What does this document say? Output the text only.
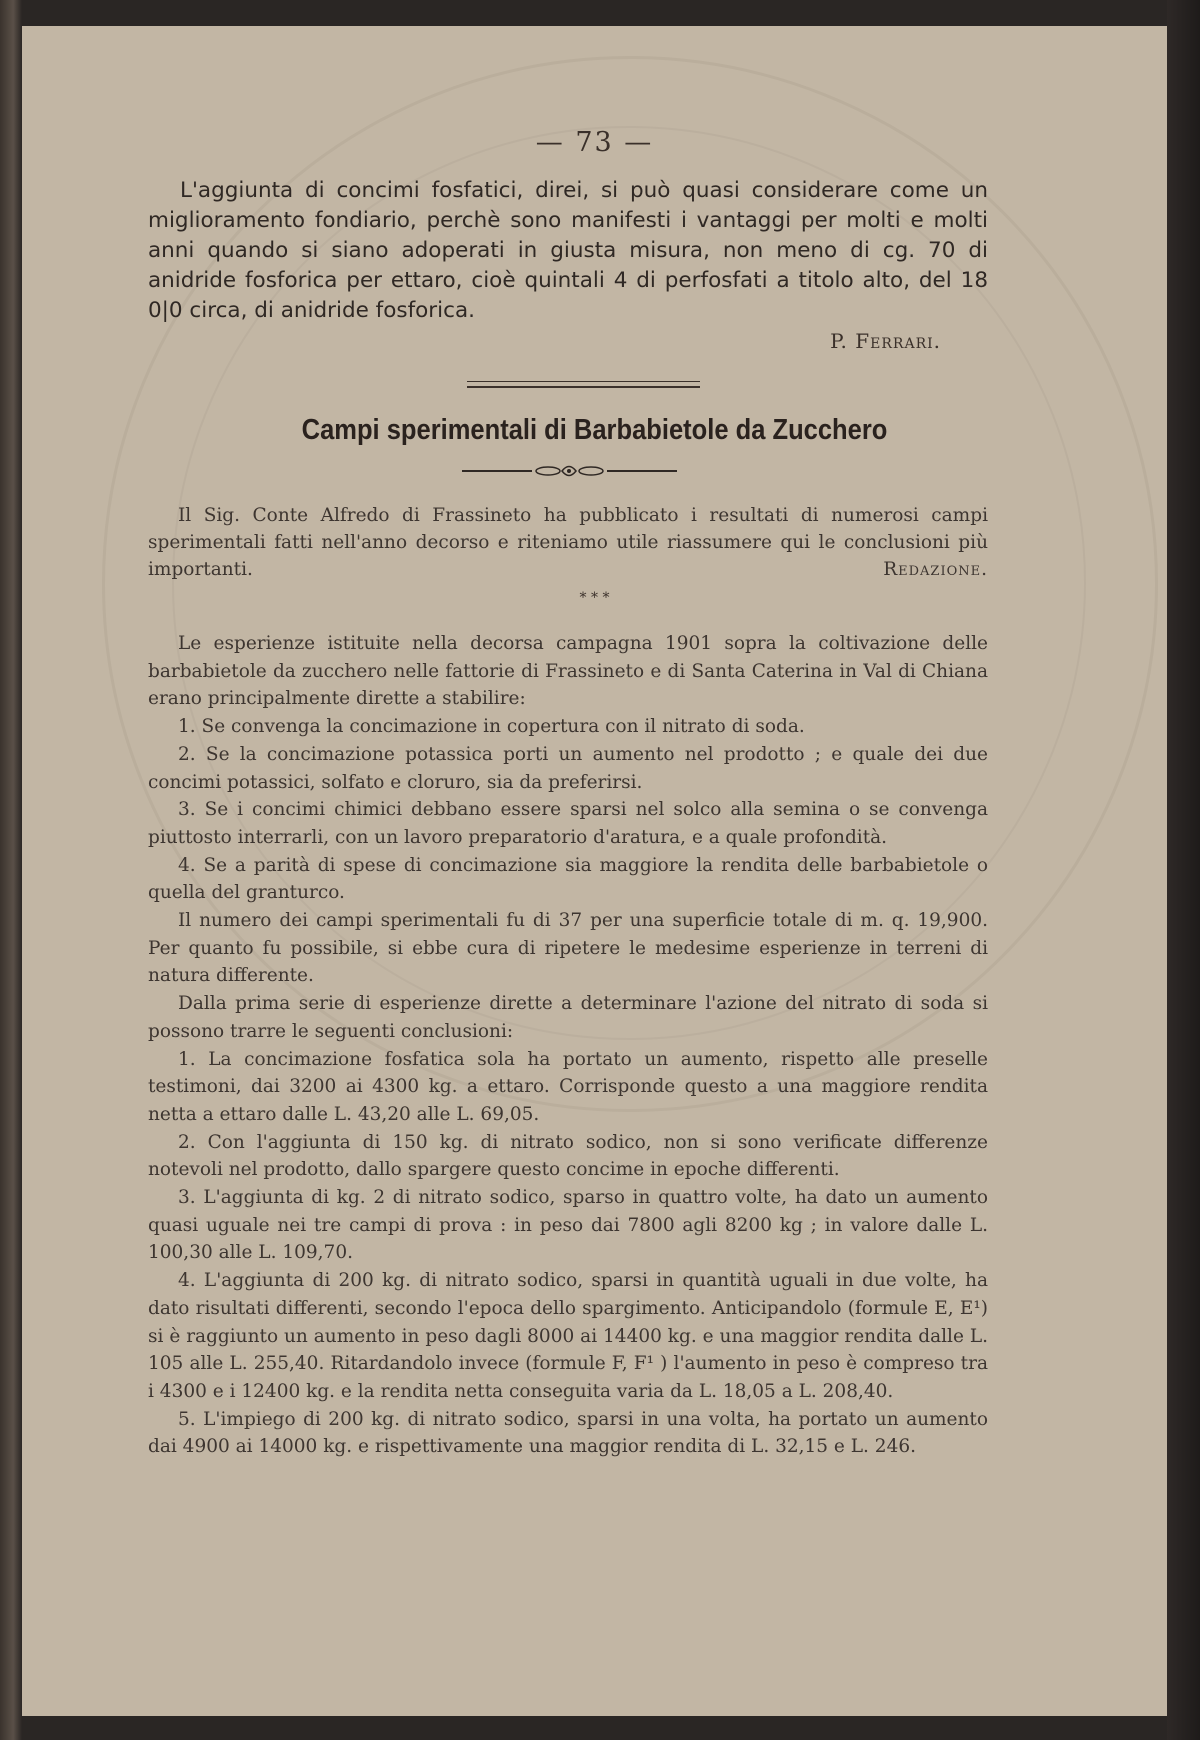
— 73 —

L'aggiunta di concimi fosfatici, direi, si può quasi considerare come un miglioramento fondiario, perchè sono manifesti i vantaggi per molti e molti anni quando si siano adoperati in giusta misura, non meno di cg. 70 di anidride fosforica per ettaro, cioè quintali 4 di perfosfati a titolo alto, del 18 0|0 circa, di anidride fosforica.

P. Ferrari.
Campi sperimentali di Barbabietole da Zucchero

Il Sig. Conte Alfredo di Frassineto ha pubblicato i resultati di numerosi campi sperimentali fatti nell'anno decorso e riteniamo utile riassumere qui le conclusioni più importanti.	Redazione.

* * *

Le esperienze istituite nella decorsa campagna 1901 sopra la coltivazione delle barbabietole da zucchero nelle fattorie di Frassineto e di Santa Caterina in Val di Chiana erano principalmente dirette a stabilire:

1. Se convenga la concimazione in copertura con il nitrato di soda.

2. Se la concimazione potassica porti un aumento nel prodotto ; e quale dei due concimi potassici, solfato e cloruro, sia da preferirsi.

3. Se i concimi chimici debbano essere sparsi nel solco alla semina o se convenga piuttosto interrarli, con un lavoro preparatorio d'aratura, e a quale profondità.

4. Se a parità di spese di concimazione sia maggiore la rendita delle barbabietole o quella del granturco.

Il numero dei campi sperimentali fu di 37 per una superficie totale di m. q. 19,900. Per quanto fu possibile, si ebbe cura di ripetere le medesime esperienze in terreni di natura differente.

Dalla prima serie di esperienze dirette a determinare l'azione del nitrato di soda si possono trarre le seguenti conclusioni:

1. La concimazione fosfatica sola ha portato un aumento, rispetto alle preselle testimoni, dai 3200 ai 4300 kg. a ettaro. Corrisponde questo a una maggiore rendita netta a ettaro dalle L. 43,20 alle L. 69,05.

2. Con l'aggiunta di 150 kg. di nitrato sodico, non si sono verificate differenze notevoli nel prodotto, dallo spargere questo concime in epoche differenti.

3. L'aggiunta di kg. 2 di nitrato sodico, sparso in quattro volte, ha dato un aumento quasi uguale nei tre campi di prova : in peso dai 7800 agli 8200 kg ; in valore dalle L. 100,30 alle L. 109,70.

4. L'aggiunta di 200 kg. di nitrato sodico, sparsi in quantità uguali in due volte, ha dato risultati differenti, secondo l'epoca dello spargimento. Anticipandolo (formule E, E¹) si è raggiunto un aumento in peso dagli 8000 ai 14400 kg. e una maggior rendita dalle L. 105 alle L. 255,40. Ritardandolo invece (formule F, F¹ ) l'aumento in peso è compreso tra i 4300 e i 12400 kg. e la rendita netta conseguita varia da L. 18,05 a L. 208,40.

5. L'impiego di 200 kg. di nitrato sodico, sparsi in una volta, ha portato un aumento dai 4900 ai 14000 kg. e rispettivamente una maggior rendita di L. 32,15 e L. 246.
